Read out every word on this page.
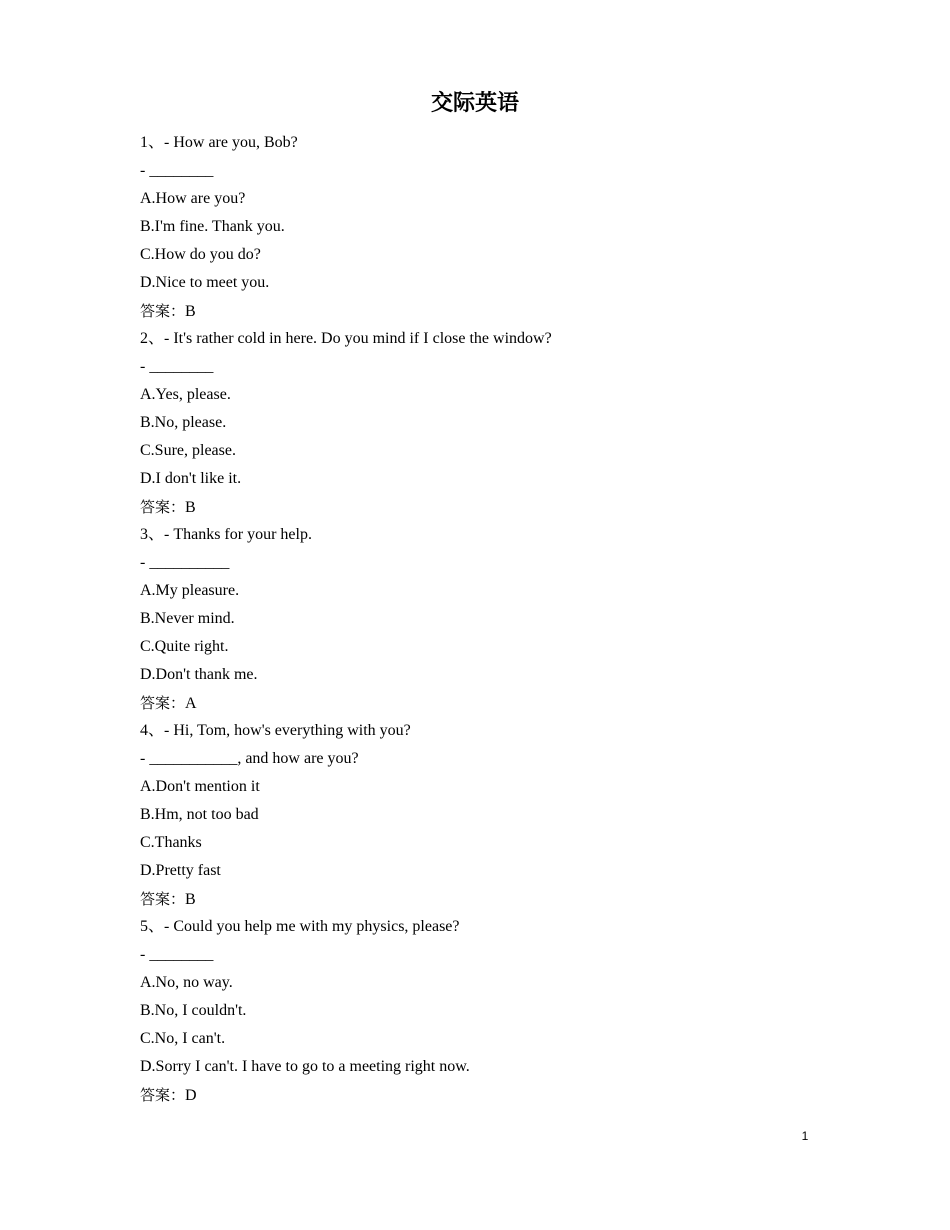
交际英语
1、- How are you, Bob?
- ________
A.How are you?
B.I'm fine. Thank you.
C.How do you do?
D.Nice to meet you.
答案：B
2、- It's rather cold in here. Do you mind if I close the window?
- ________
A.Yes, please.
B.No, please.
C.Sure, please.
D.I don't like it.
答案：B
3、- Thanks for your help.
- __________
A.My pleasure.
B.Never mind.
C.Quite right.
D.Don't thank me.
答案：A
4、- Hi, Tom, how's everything with you?
- ___________, and how are you?
A.Don't mention it
B.Hm, not too bad
C.Thanks
D.Pretty fast
答案：B
5、- Could you help me with my physics, please?
- ________
A.No, no way.
B.No, I couldn't.
C.No, I can't.
D.Sorry I can't. I have to go to a meeting right now.
答案：D
1
